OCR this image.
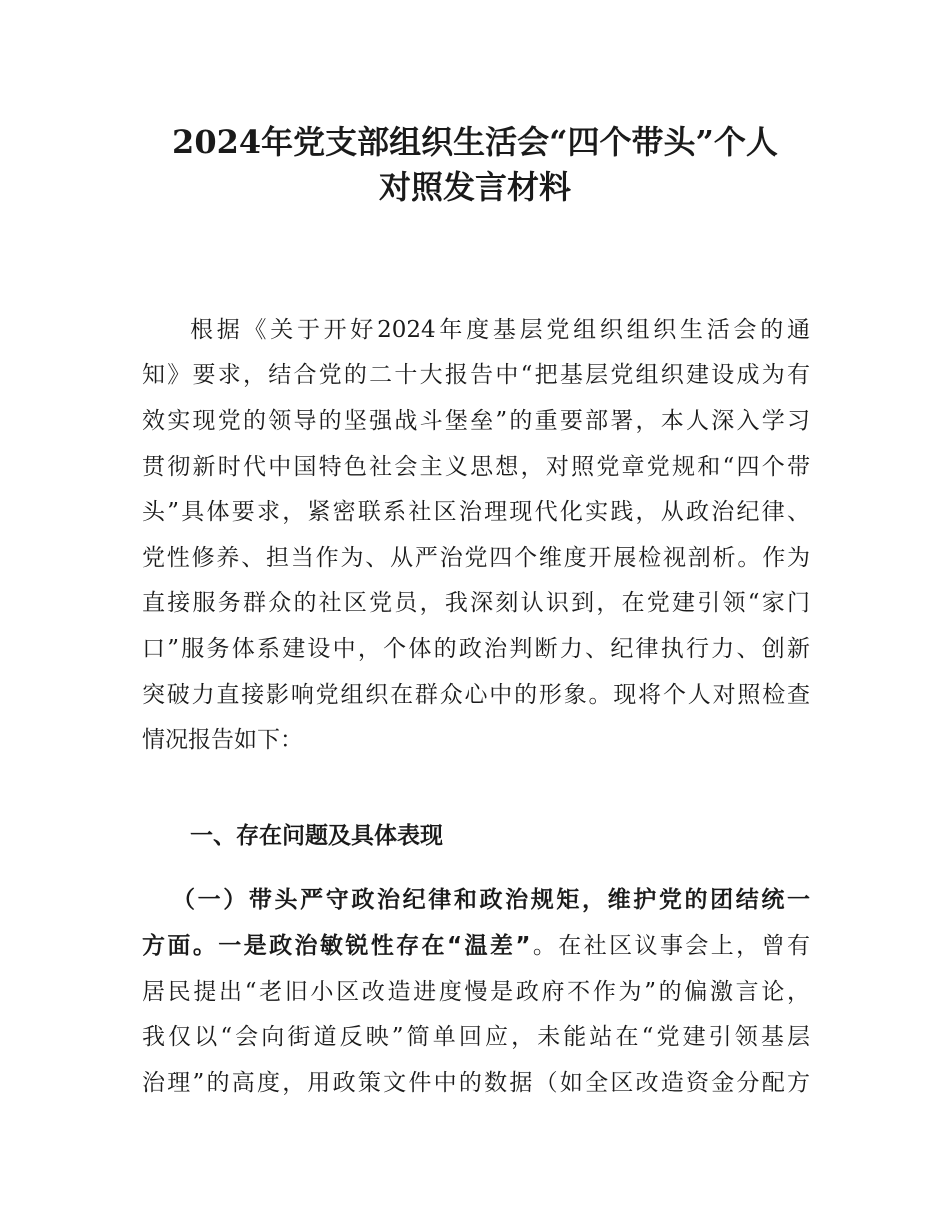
2024年党支部组织生活会“四个带头”个人
对照发言材料

根据《关于开好2024年度基层党组织组织生活会的通

知》要求，结合党的二十大报告中“把基层党组织建设成为有

效实现党的领导的坚强战斗堡垒”的重要部署，本人深入学习

贯彻新时代中国特色社会主义思想，对照党章党规和“四个带

头”具体要求，紧密联系社区治理现代化实践，从政治纪律、

党性修养、担当作为、从严治党四个维度开展检视剖析。作为

直接服务群众的社区党员，我深刻认识到，在党建引领“家门

口”服务体系建设中，个体的政治判断力、纪律执行力、创新

突破力直接影响党组织在群众心中的形象。现将个人对照检查

情况报告如下：

一、存在问题及具体表现

（一）带头严守政治纪律和政治规矩，维护党的团结统一

方面。一是政治敏锐性存在“温差”。在社区议事会上，曾有

居民提出“老旧小区改造进度慢是政府不作为”的偏激言论，

我仅以“会向街道反映”简单回应，未能站在“党建引领基层

治理”的高度，用政策文件中的数据（如全区改造资金分配方
